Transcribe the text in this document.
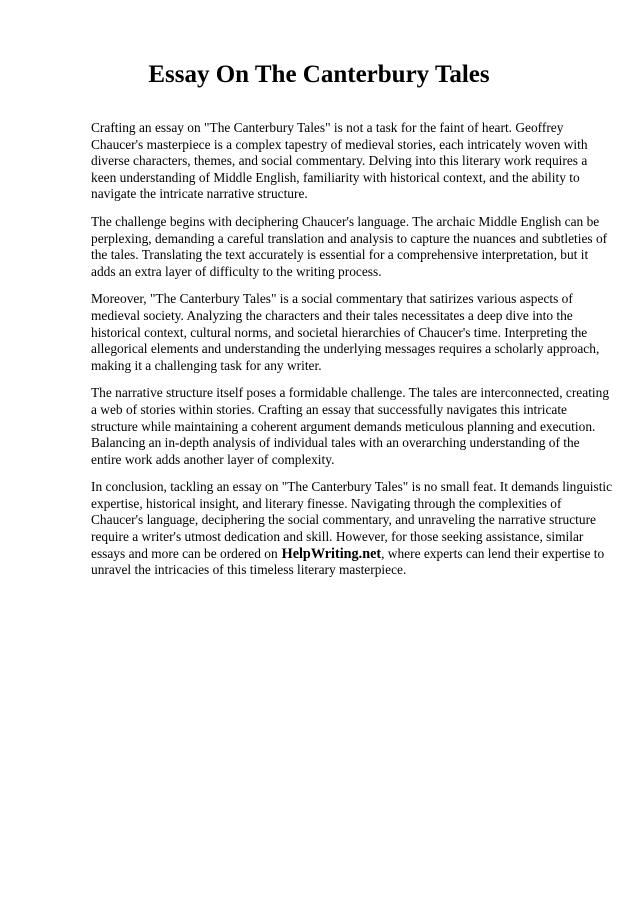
Essay On The Canterbury Tales

Crafting an essay on "The Canterbury Tales" is not a task for the faint of heart. Geoffrey
Chaucer's masterpiece is a complex tapestry of medieval stories, each intricately woven with
diverse characters, themes, and social commentary. Delving into this literary work requires a
keen understanding of Middle English, familiarity with historical context, and the ability to
navigate the intricate narrative structure.

The challenge begins with deciphering Chaucer's language. The archaic Middle English can be
perplexing, demanding a careful translation and analysis to capture the nuances and subtleties of
the tales. Translating the text accurately is essential for a comprehensive interpretation, but it
adds an extra layer of difficulty to the writing process.

Moreover, "The Canterbury Tales" is a social commentary that satirizes various aspects of
medieval society. Analyzing the characters and their tales necessitates a deep dive into the
historical context, cultural norms, and societal hierarchies of Chaucer's time. Interpreting the
allegorical elements and understanding the underlying messages requires a scholarly approach,
making it a challenging task for any writer.

The narrative structure itself poses a formidable challenge. The tales are interconnected, creating
a web of stories within stories. Crafting an essay that successfully navigates this intricate
structure while maintaining a coherent argument demands meticulous planning and execution.
Balancing an in-depth analysis of individual tales with an overarching understanding of the
entire work adds another layer of complexity.

In conclusion, tackling an essay on "The Canterbury Tales" is no small feat. It demands linguistic
expertise, historical insight, and literary finesse. Navigating through the complexities of
Chaucer's language, deciphering the social commentary, and unraveling the narrative structure
require a writer's utmost dedication and skill. However, for those seeking assistance, similar
essays and more can be ordered on HelpWriting.net, where experts can lend their expertise to
unravel the intricacies of this timeless literary masterpiece.
